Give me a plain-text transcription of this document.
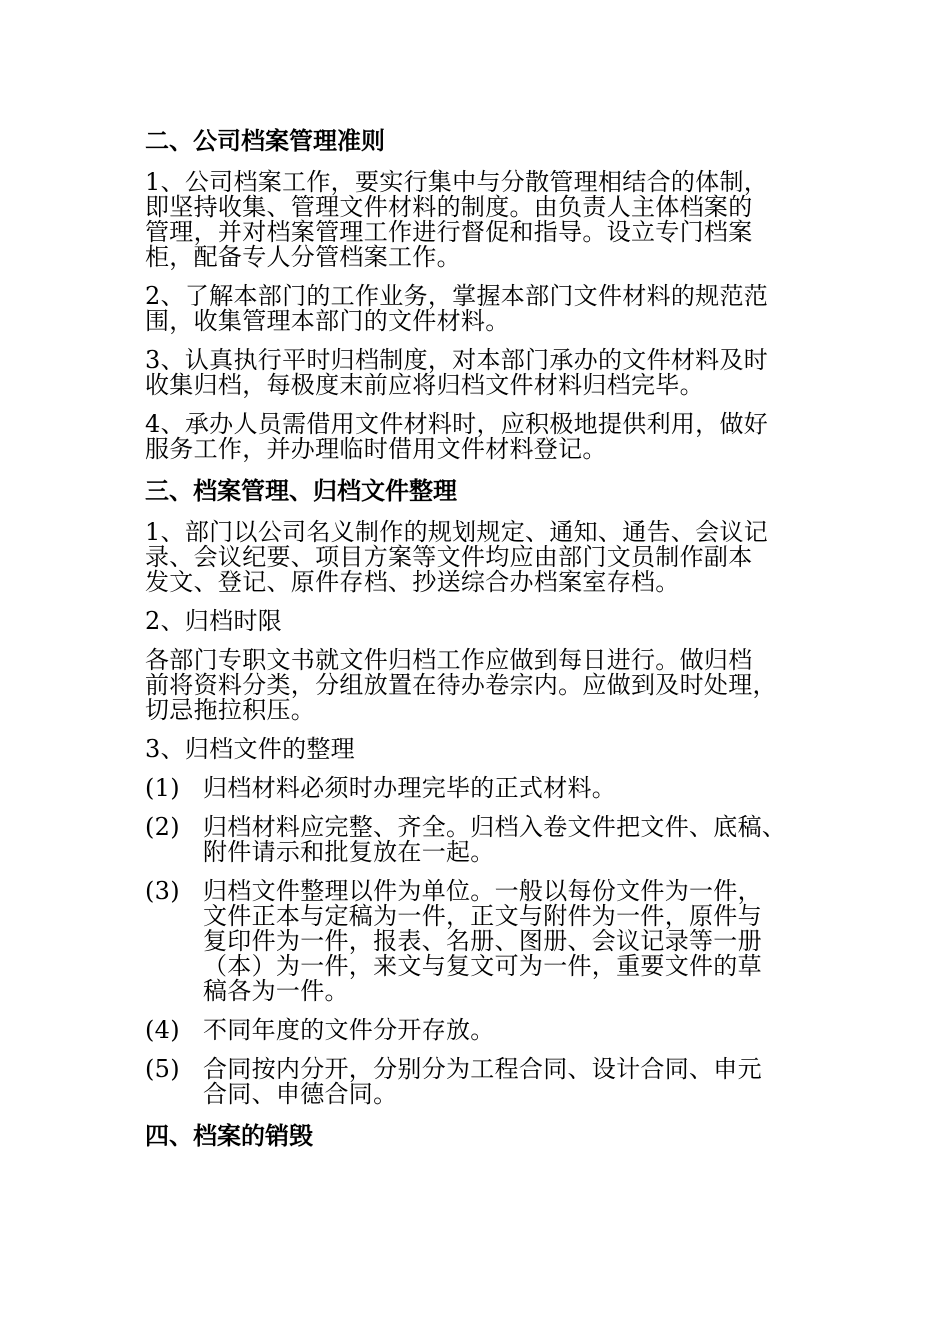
二、公司档案管理准则
1、公司档案工作，要实行集中与分散管理相结合的体制，
即坚持收集、管理文件材料的制度。由负责人主体档案的
管理，并对档案管理工作进行督促和指导。设立专门档案
柜，配备专人分管档案工作。
2、了解本部门的工作业务，掌握本部门文件材料的规范范
围，收集管理本部门的文件材料。
3、认真执行平时归档制度，对本部门承办的文件材料及时
收集归档，每极度末前应将归档文件材料归档完毕。
4、承办人员需借用文件材料时，应积极地提供利用，做好
服务工作，并办理临时借用文件材料登记。
三、档案管理、归档文件整理
1、部门以公司名义制作的规划规定、通知、通告、会议记
录、会议纪要、项目方案等文件均应由部门文员制作副本
发文、登记、原件存档、抄送综合办档案室存档。
2、归档时限
各部门专职文书就文件归档工作应做到每日进行。做归档
前将资料分类，分组放置在待办卷宗内。应做到及时处理，
切忌拖拉积压。
3、归档文件的整理
(1) 归档材料必须时办理完毕的正式材料。
(2) 归档材料应完整、齐全。归档入卷文件把文件、底稿、
附件请示和批复放在一起。
(3) 归档文件整理以件为单位。一般以每份文件为一件，
文件正本与定稿为一件，正文与附件为一件，原件与
复印件为一件，报表、名册、图册、会议记录等一册
（本）为一件，来文与复文可为一件，重要文件的草
稿各为一件。
(4) 不同年度的文件分开存放。
(5) 合同按内分开，分别分为工程合同、设计合同、申元
合同、申德合同。
四、档案的销毁
